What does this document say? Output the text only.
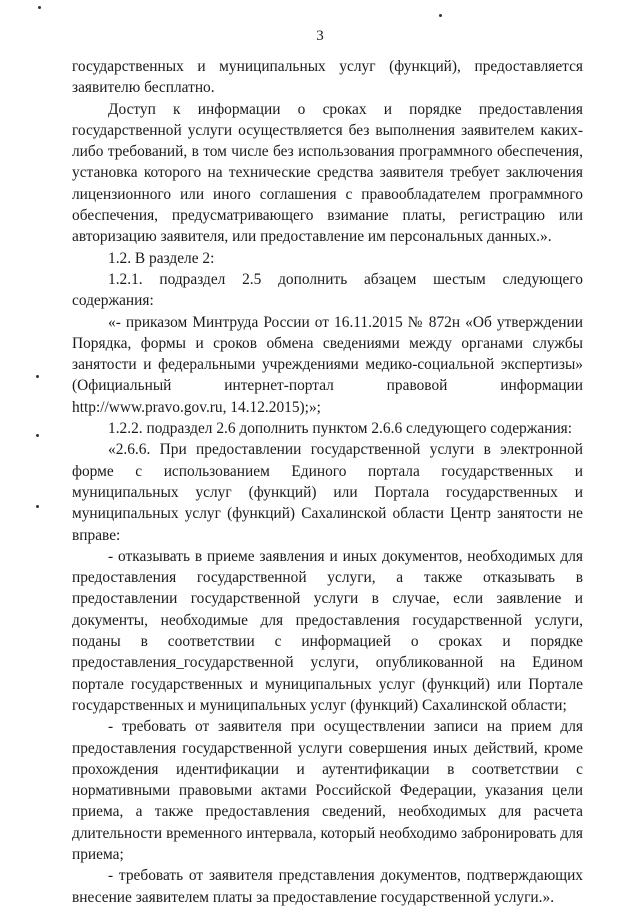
3

государственных и муниципальных услуг (функций), предоставляется заявителю бесплатно.

Доступ к информации о сроках и порядке предоставления государственной услуги осуществляется без выполнения заявителем каких-либо требований, в том числе без использования программного обеспечения, установка которого на технические средства заявителя требует заключения лицензионного или иного соглашения с правообладателем программного обеспечения, предусматривающего взимание платы, регистрацию или авторизацию заявителя, или предоставление им персональных данных.».

1.2. В разделе 2:

1.2.1. подраздел 2.5 дополнить абзацем шестым следующего содержания:

«- приказом Минтруда России от 16.11.2015 № 872н «Об утверждении Порядка, формы и сроков обмена сведениями между органами службы занятости и федеральными учреждениями медико-социальной экспертизы» (Официальный интернет-портал правовой информации http://www.pravo.gov.ru, 14.12.2015);»;

1.2.2. подраздел 2.6 дополнить пунктом 2.6.6 следующего содержания:

«2.6.6. При предоставлении государственной услуги в электронной форме с использованием Единого портала государственных и муниципальных услуг (функций) или Портала государственных и муниципальных услуг (функций) Сахалинской области Центр занятости не вправе:

- отказывать в приеме заявления и иных документов, необходимых для предоставления государственной услуги, а также отказывать в предоставлении государственной услуги в случае, если заявление и документы, необходимые для предоставления государственной услуги, поданы в соответствии с информацией о сроках и порядке предоставления_государственной услуги, опубликованной на Едином портале государственных и муниципальных услуг (функций) или Портале государственных и муниципальных услуг (функций) Сахалинской области;

- требовать от заявителя при осуществлении записи на прием для предоставления государственной услуги совершения иных действий, кроме прохождения идентификации и аутентификации в соответствии с нормативными правовыми актами Российской Федерации, указания цели приема, а также предоставления сведений, необходимых для расчета длительности временного интервала, который необходимо забронировать для приема;

- требовать от заявителя представления документов, подтверждающих внесение заявителем платы за предоставление государственной услуги.».
